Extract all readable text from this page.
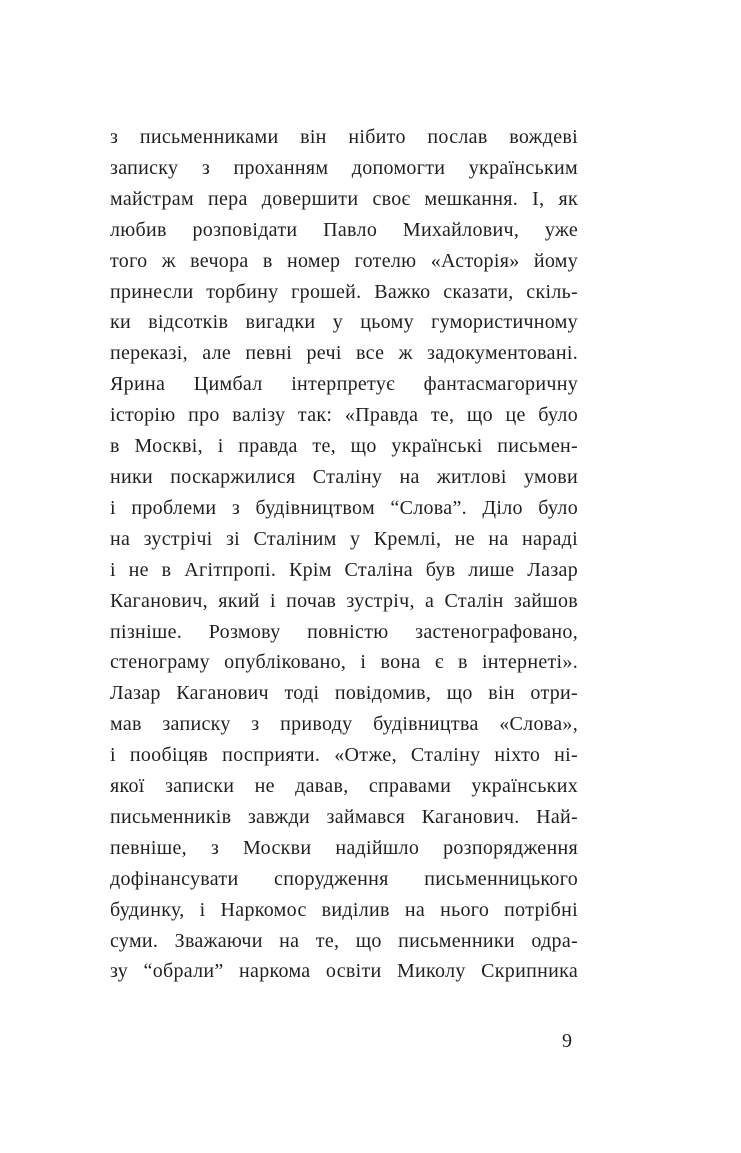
з письменниками він нібито послав вождеві
записку з проханням допомогти українським
майстрам пера довершити своє мешкання. І, як
любив розповідати Павло Михайлович, уже
того ж вечора в номер готелю «Асторія» йому
принесли торбину грошей. Важко сказати, скіль-
ки відсотків вигадки у цьому гумористичному
переказі, але певні речі все ж задокументовані.
Ярина Цимбал інтерпретує фантасмагоричну
історію про валізу так: «Правда те, що це було
в Москві, і правда те, що українські письмен-
ники поскаржилися Сталіну на житлові умови
і проблеми з будівництвом “Слова”. Діло було
на зустрічі зі Сталіним у Кремлі, не на нараді
і не в Агітпропі. Крім Сталіна був лише Лазар
Каганович, який і почав зустріч, а Сталін зайшов
пізніше. Розмову повністю застенографовано,
стенограму опубліковано, і вона є в інтернеті».
Лазар Каганович тоді повідомив, що він отри-
мав записку з приводу будівництва «Слова»,
і пообіцяв посприяти. «Отже, Сталіну ніхто ні-
якої записки не давав, справами українських
письменників завжди займався Каганович. Най-
певніше, з Москви надійшло розпорядження
дофінансувати спорудження письменницького
будинку, і Наркомос виділив на нього потрібні
суми. Зважаючи на те, що письменники одра-
зу “обрали” наркома освіти Миколу Скрипника
9
